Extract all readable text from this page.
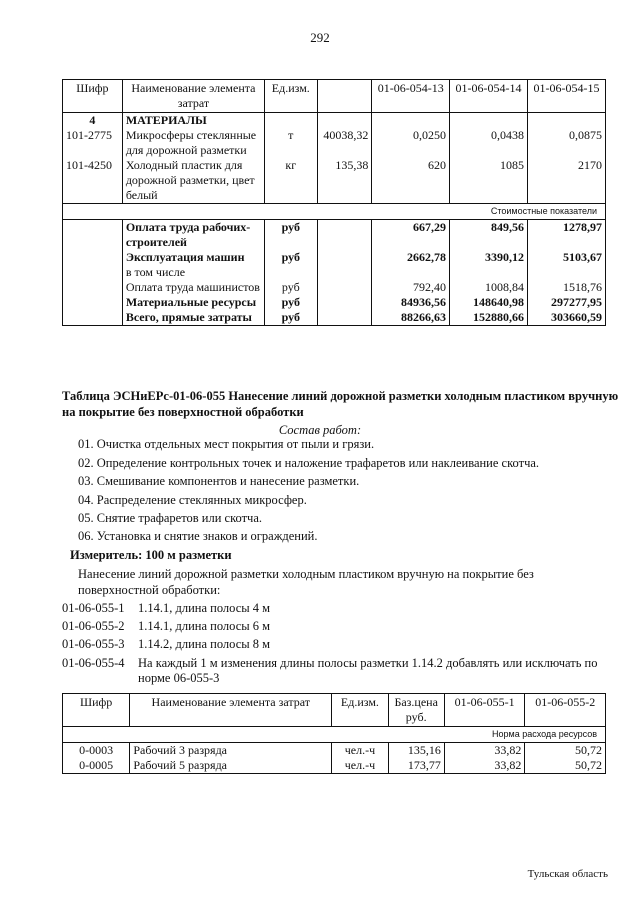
292
Шифр	Наименование элемента затрат	Ед.изм.		01-06-054-13	01-06-054-14	01-06-054-15
4	МАТЕРИАЛЫ					
101-2775	Микросферы стеклянные для дорожной разметки	т	40038,32	0,0250	0,0438	0,0875
101-4250	Холодный пластик для дорожной разметки, цвет белый	кг	135,38	620	1085	2170
Стоимостные показатели						
	Оплата труда рабочих-строителей	руб		667,29	849,56	1278,97
	Эксплуатация машин	руб		2662,78	3390,12	5103,67
	в том числе					
	Оплата труда машинистов	руб		792,40	1008,84	1518,76
	Материальные ресурсы	руб		84936,56	148640,98	297277,95
	Всего, прямые затраты	руб		88266,63	152880,66	303660,59
Таблица ЭСНиЕРс-01-06-055 Нанесение линий дорожной разметки холодным пластиком вручную на покрытие без поверхностной обработки
Состав работ:
01. Очистка отдельных мест покрытия от пыли и грязи.
02. Определение контрольных точек и наложение трафаретов или наклеивание скотча.
03. Смешивание компонентов и нанесение разметки.
04. Распределение стеклянных микросфер.
05. Снятие трафаретов или скотча.
06. Установка и снятие знаков и ограждений.
Измеритель: 100 м разметки
Нанесение линий дорожной разметки холодным пластиком вручную на покрытие без поверхностной обработки:
01-06-055-1 1.14.1, длина полосы 4 м
01-06-055-2 1.14.1, длина полосы 6 м
01-06-055-3 1.14.2, длина полосы 8 м
01-06-055-4 На каждый 1 м изменения длины полосы разметки 1.14.2 добавлять или исключать по норме 06-055-3
Шифр	Наименование элемента затрат	Ед.изм.	Баз.цена руб.	01-06-055-1	01-06-055-2
Норма расхода ресурсов					
0-0003	Рабочий 3 разряда	чел.-ч	135,16	33,82	50,72
0-0005	Рабочий 5 разряда	чел.-ч	173,77	33,82	50,72
Тульская область
